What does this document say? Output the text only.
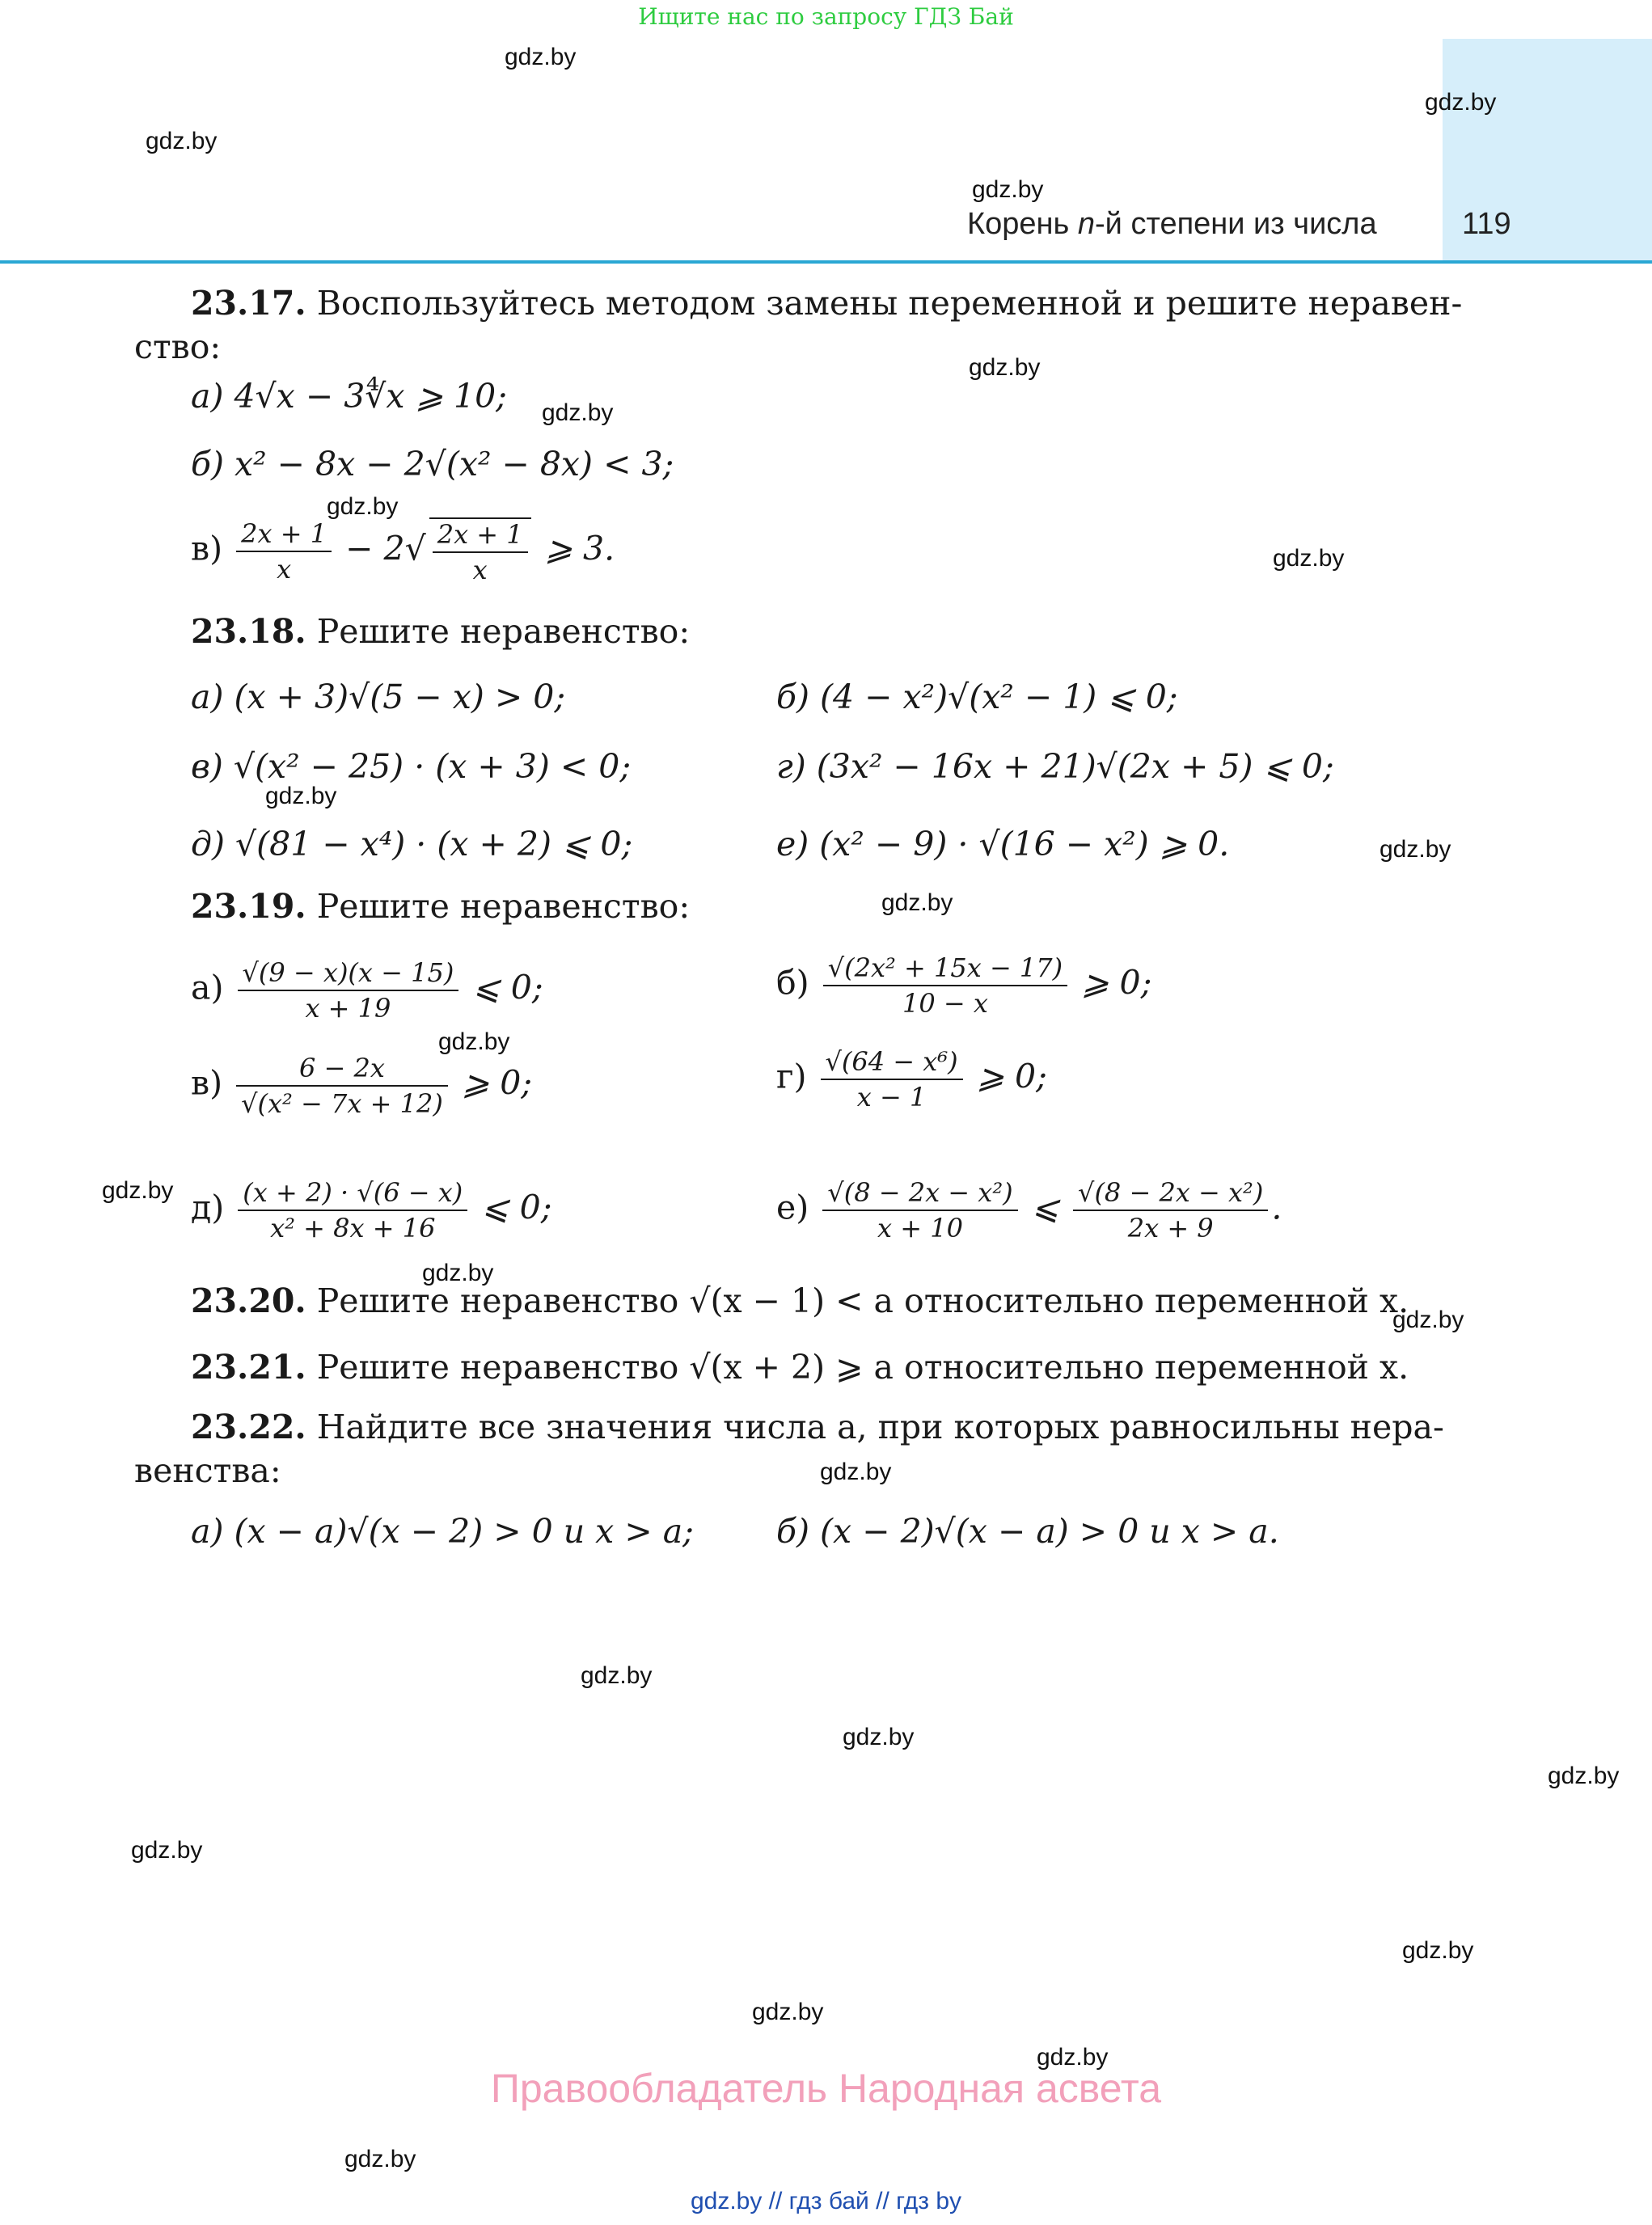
Ищите нас по запросу ГДЗ Бай
Корень n-й степени из числа	119
gdz.by
gdz.by
gdz.by
gdz.by
gdz.by
gdz.by
gdz.by
gdz.by
gdz.by
gdz.by
gdz.by
gdz.by
gdz.by
gdz.by
gdz.by
gdz.by
gdz.by
gdz.by
gdz.by
gdz.by
gdz.by
gdz.by
gdz.by
gdz.by
23.17. Воспользуйтесь методом замены переменной и решите неравен-
ство:
а) 4√x − 3∜x ⩾ 10;
б) x² − 8x − 2√(x² − 8x) < 3;
$в) \frac{2x + 1}{x} - 2√ \frac{2x + 1}{x}$ ⩾ 3.
23.18. Решите неравенство:
а) (x + 3)√(5 − x) > 0;	б) (4 − x²)√(x² − 1) ⩽ 0;
в) √(x² − 25) · (x + 3) < 0;	г) (3x² − 16x + 21)√(2x + 5) ⩽ 0;
д) √(81 − x⁴) · (x + 2) ⩽ 0;	е) (x² − 9) · √(16 − x²) ⩾ 0.
23.19. Решите неравенство:
$а) \frac{√(9 - x)(x - 15)}{x + 19}$ ⩽ 0;	$б) \frac{\text{√(2x² + 15x − 17)}}{10 - x}$ ⩾ 0;
$в) \frac{6 - 2x}{\text{√(x² − 7x + 12)}}$ ⩾ 0;	$г) \frac{\text{√(64 − x⁶)}}{x - 1}$ ⩾ 0;
$д) \frac{(x + 2) \cdot √(6 - x)}{\text{x² + 8x + 16}}$ ⩽ 0;	$е) \frac{\text{√(8 − 2x − x²)}}{x + 10}$ ⩽ $\frac{\text{√(8 − 2x − x²)}}{2x + 9}$ .
23.20. Решите неравенство √(x − 1) < a относительно переменной x.
23.21. Решите неравенство √(x + 2) ⩾ a относительно переменной x.
23.22. Найдите все значения числа a, при которых равносильны нера-
венства:
а) (x − a)√(x − 2) > 0 и x > a; б) (x − 2)√(x − a) > 0 и x > a.
Правообладатель Народная асвета
gdz.by // гдз бай // гдз by
